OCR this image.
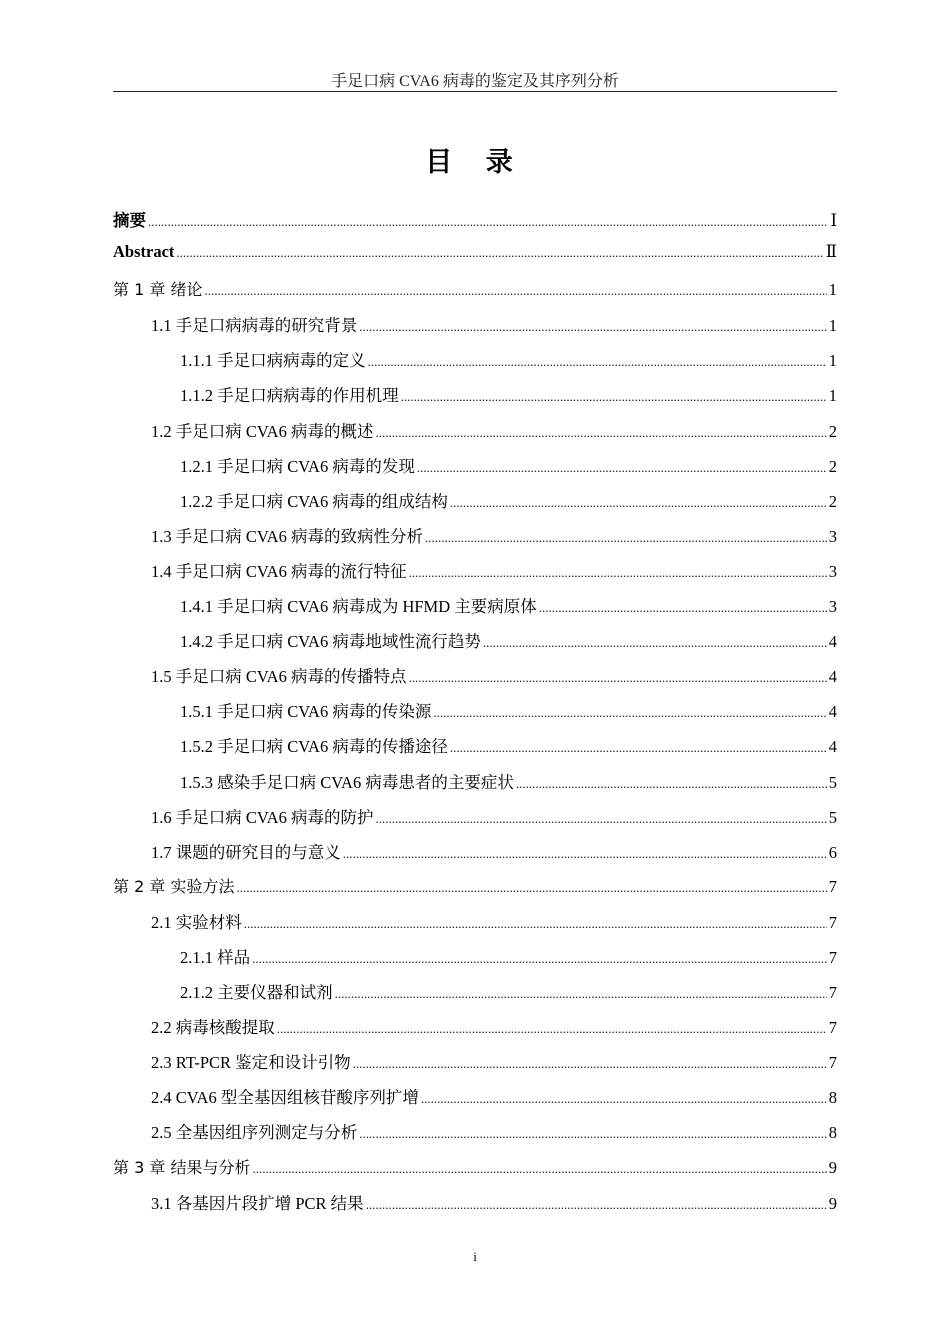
手足口病 CVA6 病毒的鉴定及其序列分析
目 录
摘要 .....	Ⅰ
Abstract .....	Ⅱ
第 1 章 绪论 .....	1
1.1 手足口病病毒的研究背景 .....	1
1.1.1 手足口病病毒的定义 .....	1
1.1.2 手足口病病毒的作用机理 .....	1
1.2 手足口病 CVA6 病毒的概述 .....	2
1.2.1 手足口病 CVA6 病毒的发现 .....	2
1.2.2 手足口病 CVA6 病毒的组成结构 .....	2
1.3 手足口病 CVA6 病毒的致病性分析 .....	3
1.4 手足口病 CVA6 病毒的流行特征 .....	3
1.4.1 手足口病 CVA6 病毒成为 HFMD 主要病原体 .....	3
1.4.2 手足口病 CVA6 病毒地域性流行趋势 .....	4
1.5 手足口病 CVA6 病毒的传播特点 .....	4
1.5.1 手足口病 CVA6 病毒的传染源 .....	4
1.5.2 手足口病 CVA6 病毒的传播途径 .....	4
1.5.3 感染手足口病 CVA6 病毒患者的主要症状 .....	5
1.6 手足口病 CVA6 病毒的防护 .....	5
1.7 课题的研究目的与意义 .....	6
第 2 章 实验方法 .....	7
2.1 实验材料 .....	7
2.1.1 样品 .....	7
2.1.2 主要仪器和试剂 .....	7
2.2 病毒核酸提取 .....	7
2.3 RT-PCR 鉴定和设计引物 .....	7
2.4 CVA6 型全基因组核苷酸序列扩增 .....	8
2.5 全基因组序列测定与分析 .....	8
第 3 章 结果与分析 .....	9
3.1 各基因片段扩增 PCR 结果 .....	9
i
